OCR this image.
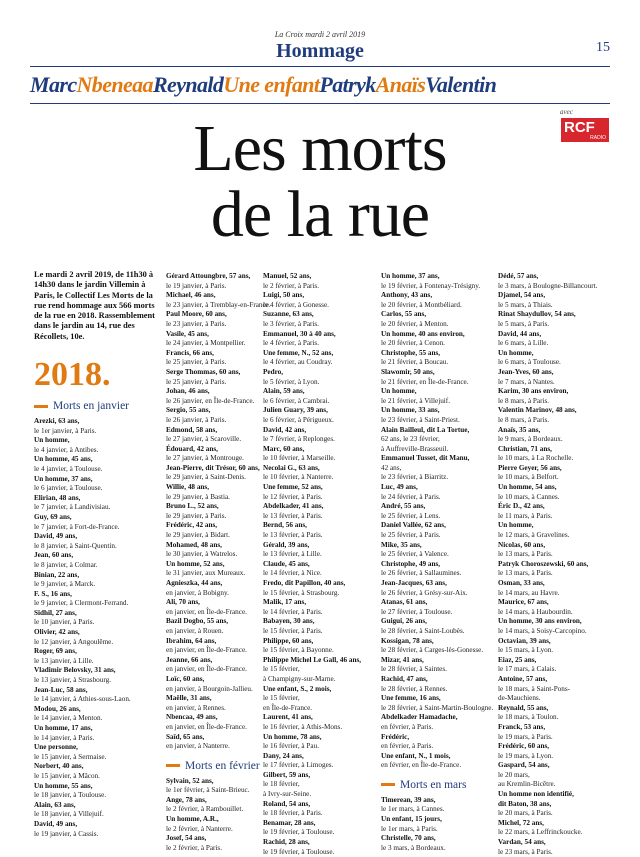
La Croix mardi 2 avril 2019
Hommage	15
MarcNbeneaaReynaldUne enfantPatrykAnaïsValentin
avec
RCF
RADIO
Les morts
de la rue
Le mardi 2 avril 2019, de 11h30 à 14h30 dans le jardin Villemin à Paris, le Collectif Les Morts de la rue rend hommage aux 566 morts de la rue en 2018. Rassemblement dans le jardin au 14, rue des Récollets, 10e.
2018.
Morts en janvier
Arezki, 63 ans,
le 1er janvier, à Paris.
Un homme,
le 4 janvier, à Antibes.
Un homme, 45 ans,
le 4 janvier, à Toulouse.
Un homme, 37 ans,
le 6 janvier, à Toulouse.
Elirian, 48 ans,
le 7 janvier, à Landivisiau.
Guy, 69 ans,
le 7 janvier, à Fort-de-France.
David, 49 ans,
le 8 janvier, à Saint-Quentin.
Jean, 60 ans,
le 8 janvier, à Colmar.
Binian, 22 ans,
le 9 janvier, à Marck.
F. S., 16 ans,
le 9 janvier, à Clermont-Ferrand.
Sidhil, 27 ans,
le 10 janvier, à Paris.
Olivier, 42 ans,
le 12 janvier, à Angoulême.
Roger, 69 ans,
le 13 janvier, à Lille.
Vladimir Belovsky, 31 ans,
le 13 janvier, à Strasbourg.
Jean-Luc, 58 ans,
le 14 janvier, à Athies-sous-Laon.
Modou, 26 ans,
le 14 janvier, à Menton.
Un homme, 17 ans,
le 14 janvier, à Paris.
Une personne,
le 15 janvier, à Sermaise.
Norbert, 40 ans,
le 15 janvier, à Mâcon.
Un homme, 55 ans,
le 18 janvier, à Toulouse.
Alain, 63 ans,
le 18 janvier, à Villejuif.
David, 49 ans,
le 19 janvier, à Cassis.
Gérard Attoungbre, 57 ans,
le 19 janvier, à Paris.
Michael, 46 ans,
le 23 janvier, à Tremblay-en-France.
Paul Moore, 60 ans,
le 23 janvier, à Paris.
Vasile, 45 ans,
le 24 janvier, à Montpellier.
Francis, 66 ans,
le 25 janvier, à Paris.
Serge Thommas, 60 ans,
le 25 janvier, à Paris.
Johan, 46 ans,
le 26 janvier, en Île-de-France.
Sergio, 55 ans,
le 26 janvier, à Paris.
Edmond, 58 ans,
le 27 janvier, à Scaroville.
Édouard, 42 ans,
le 27 janvier, à Montrouge.
Jean-Pierre, dit Trésor, 60 ans,
le 29 janvier, à Saint-Denis.
Willie, 48 ans,
le 29 janvier, à Bastia.
Bruno L., 52 ans,
le 29 janvier, à Paris.
Frédéric, 42 ans,
le 29 janvier, à Bidart.
Mohamed, 48 ans,
le 30 janvier, à Watrelos.
Un homme, 52 ans,
le 31 janvier, aux Mureaux.
Agnieszka, 44 ans,
en janvier, à Bobigny.
Ali, 70 ans,
en janvier, en Île-de-France.
Bazil Dogbo, 55 ans,
en janvier, à Rouen.
Ibrahim, 64 ans,
en janvier, en Île-de-France.
Jeanne, 66 ans,
en janvier, en Île-de-France.
Loïc, 60 ans,
en janvier, à Bourgoin-Jallieu.
Maëlle, 31 ans,
en janvier, à Rennes.
Nbencaa, 49 ans,
en janvier, en Île-de-France.
Saïd, 65 ans,
en janvier, à Nanterre.
Morts en février
Sylvain, 52 ans,
le 1er février, à Saint-Brieuc.
Ange, 78 ans,
le 2 février, à Rambouillet.
Un homme, A.R.,
le 2 février, à Nanterre.
Josef, 54 ans,
le 2 février, à Paris.
Manuel, 52 ans,
le 2 février, à Paris.
Luigi, 50 ans,
le 4 février, à Gonesse.
Suzanne, 63 ans,
le 3 février, à Paris.
Emmanuel, 30 à 40 ans,
le 4 février, à Paris.
Une femme, N., 52 ans,
le 4 février, au Coudray.
Pedro,
le 5 février, à Lyon.
Alain, 59 ans,
le 6 février, à Cambrai.
Julien Guary, 39 ans,
le 6 février, à Périgueux.
David, 42 ans,
le 7 février, à Replonges.
Marc, 60 ans,
le 10 février, à Marseille.
Necolai G., 63 ans,
le 10 février, à Nanterre.
Une femme, 52 ans,
le 12 février, à Paris.
Abdelkader, 41 ans,
le 13 février, à Paris.
Bernd, 56 ans,
le 13 février, à Paris.
Gérald, 39 ans,
le 13 février, à Lille.
Claude, 45 ans,
le 14 février, à Nice.
Fredo, dit Papillon, 40 ans,
le 15 février, à Strasbourg.
Malik, 17 ans,
le 14 février, à Paris.
Babayen, 30 ans,
le 15 février, à Paris.
Philippe, 60 ans,
le 15 février, à Bayonne.
Philippe Michel Le Gall, 46 ans,
le 15 février,
à Champigny-sur-Marne.
Une enfant, S., 2 mois,
le 15 février,
en Île-de-France.
Laurent, 41 ans,
le 16 février, à Athis-Mons.
Un homme, 78 ans,
le 16 février, à Pau.
Dany, 24 ans,
le 17 février, à Limoges.
Gilbert, 59 ans,
le 18 février,
à Ivry-sur-Seine.
Roland, 54 ans,
le 18 février, à Paris.
Benamar, 28 ans,
le 19 février, à Toulouse.
Rachid, 28 ans,
le 19 février, à Toulouse.
Un homme, 37 ans,
le 19 février, à Fontenay-Trésigny.
Anthony, 43 ans,
le 20 février, à Montbéliard.
Carlos, 55 ans,
le 20 février, à Menton.
Un homme, 40 ans environ,
le 20 février, à Cenon.
Christophe, 55 ans,
le 21 février, à Boucau.
Slawomir, 50 ans,
le 21 février, en Île-de-France.
Un homme,
le 21 février, à Villejuif.
Un homme, 33 ans,
le 23 février, à Saint-Priest.
Alain Bailleul, dit La Tortue,
62 ans, le 23 février,
à Auffreville-Brasseuil.
Emmanuel Tusset, dit Manu,
42 ans,
le 23 février, à Biarritz.
Luc, 49 ans,
le 24 février, à Paris.
André, 55 ans,
le 25 février, à Lens.
Daniel Vallée, 62 ans,
le 25 février, à Paris.
Mike, 35 ans,
le 25 février, à Valence.
Christophe, 49 ans,
le 26 février, à Sallaumines.
Jean-Jacques, 63 ans,
le 26 février, à Grésy-sur-Aix.
Atanas, 61 ans,
le 27 février, à Toulouse.
Guigui, 26 ans,
le 28 février, à Saint-Loubès.
Kossigan, 78 ans,
le 28 février, à Carges-lès-Gonesse.
Mizar, 41 ans,
le 28 février, à Saintes.
Rachid, 47 ans,
le 28 février, à Rennes.
Une femme, 16 ans,
le 28 février, à Saint-Martin-Boulogne.
Abdelkader Hamadache,
en février, à Paris.
Frédéric,
en février, à Paris.
Une enfant, N., 1 mois,
en février, en Île-de-France.
Morts en mars
Timerean, 39 ans,
le 1er mars, à Cannes.
Un enfant, 15 jours,
le 1er mars, à Paris.
Christelle, 70 ans,
le 3 mars, à Bordeaux.
Dédé, 57 ans,
le 3 mars, à Boulogne-Billancourt.
Djamel, 54 ans,
le 5 mars, à Thiais.
Rinat Shaydullov, 54 ans,
le 5 mars, à Paris.
David, 44 ans,
le 6 mars, à Lille.
Un homme,
le 6 mars, à Toulouse.
Jean-Yves, 60 ans,
le 7 mars, à Nantes.
Karim, 30 ans environ,
le 8 mars, à Paris.
Valentin Marinov, 48 ans,
le 8 mars, à Paris.
Anaïs, 35 ans,
le 9 mars, à Bordeaux.
Christian, 71 ans,
le 10 mars, à La Rochelle.
Pierre Geyer, 56 ans,
le 10 mars, à Belfort.
Un homme, 54 ans,
le 10 mars, à Cannes.
Éric D., 42 ans,
le 11 mars, à Paris.
Un homme,
le 12 mars, à Gravelines.
Nicolas, 60 ans,
le 13 mars, à Paris.
Patryk Choroszewski, 60 ans,
le 13 mars, à Paris.
Osman, 33 ans,
le 14 mars, au Havre.
Maurice, 67 ans,
le 14 mars, à Haubourdin.
Un homme, 30 ans environ,
le 14 mars, à Soisy-Carcopino.
Octavian, 39 ans,
le 15 mars, à Lyon.
Eiaz, 25 ans,
le 17 mars, à Calais.
Antoine, 57 ans,
le 18 mars, à Saint-Pons-
de-Mauchiens.
Reynald, 55 ans,
le 18 mars, à Toulon.
Franck, 53 ans,
le 19 mars, à Paris.
Frédéric, 60 ans,
le 19 mars, à Lyon.
Gaspard, 54 ans,
le 20 mars,
au Kremlin-Bicêtre.
Un homme non identifié,
dit Baton, 38 ans,
le 20 mars, à Paris.
Michel, 72 ans,
le 22 mars, à Leffrinckoucke.
Vardan, 54 ans,
le 23 mars, à Paris.
